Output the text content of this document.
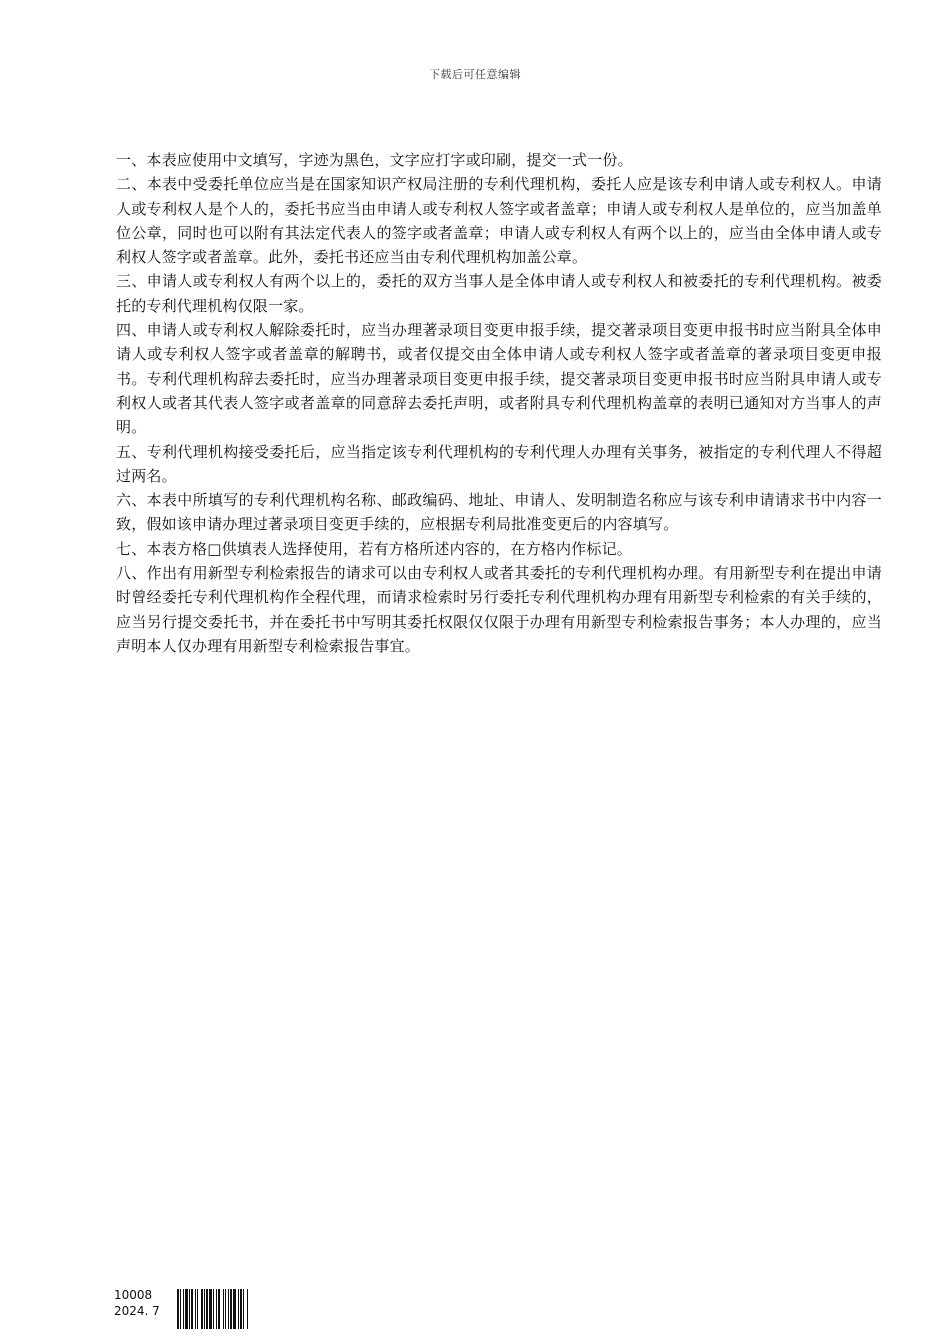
下载后可任意编辑

一、本表应使用中文填写，字迹为黑色，文字应打字或印刷，提交一式一份。

二、本表中受委托单位应当是在国家知识产权局注册的专利代理机构，委托人应是该专利申请人或专利权人。申请人或专利权人是个人的，委托书应当由申请人或专利权人签字或者盖章；申请人或专利权人是单位的，应当加盖单位公章，同时也可以附有其法定代表人的签字或者盖章；申请人或专利权人有两个以上的，应当由全体申请人或专利权人签字或者盖章。此外，委托书还应当由专利代理机构加盖公章。

三、申请人或专利权人有两个以上的，委托的双方当事人是全体申请人或专利权人和被委托的专利代理机构。被委托的专利代理机构仅限一家。

四、申请人或专利权人解除委托时，应当办理著录项目变更申报手续，提交著录项目变更申报书时应当附具全体申请人或专利权人签字或者盖章的解聘书，或者仅提交由全体申请人或专利权人签字或者盖章的著录项目变更申报书。专利代理机构辞去委托时，应当办理著录项目变更申报手续，提交著录项目变更申报书时应当附具申请人或专利权人或者其代表人签字或者盖章的同意辞去委托声明，或者附具专利代理机构盖章的表明已通知对方当事人的声明。

五、专利代理机构接受委托后，应当指定该专利代理机构的专利代理人办理有关事务，被指定的专利代理人不得超过两名。

六、本表中所填写的专利代理机构名称、邮政编码、地址、申请人、发明制造名称应与该专利申请请求书中内容一致，假如该申请办理过著录项目变更手续的，应根据专利局批准变更后的内容填写。

七、本表方格□供填表人选择使用，若有方格所述内容的，在方格内作标记。

八、作出有用新型专利检索报告的请求可以由专利权人或者其委托的专利代理机构办理。有用新型专利在提出申请时曾经委托专利代理机构作全程代理，而请求检索时另行委托专利代理机构办理有用新型专利检索的有关手续的，应当另行提交委托书，并在委托书中写明其委托权限仅仅限于办理有用新型专利检索报告事务；本人办理的，应当声明本人仅办理有用新型专利检索报告事宜。

10008
2024. 7
